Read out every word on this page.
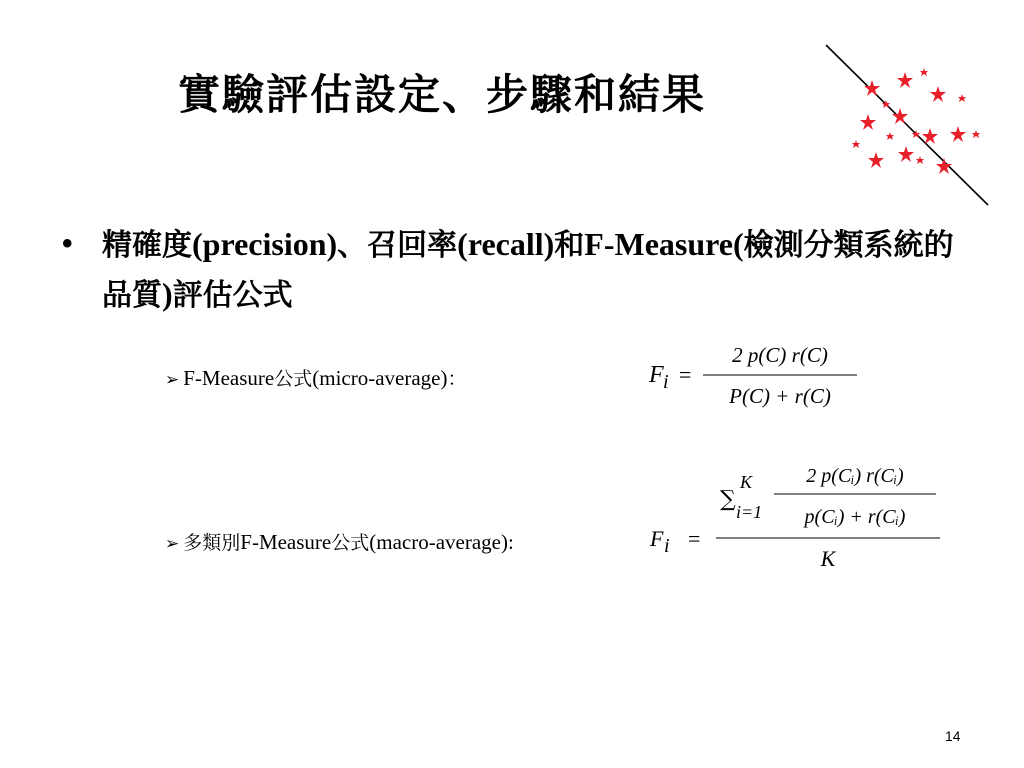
實驗評估設定、步驟和結果
• 精確度(precision)、召回率(recall)和F-Measure(檢測分類系統的品質)評估公式
➢ F-Measure公式(micro-average)：
➢ 多類別F-Measure公式(macro-average):
F i =
2 p(C) r(C)
P(C) + r(C)
F i =
∑
K
i=1
2 p(Cᵢ) r(Cᵢ)
p(Cᵢ) + r(Cᵢ)
K
14
